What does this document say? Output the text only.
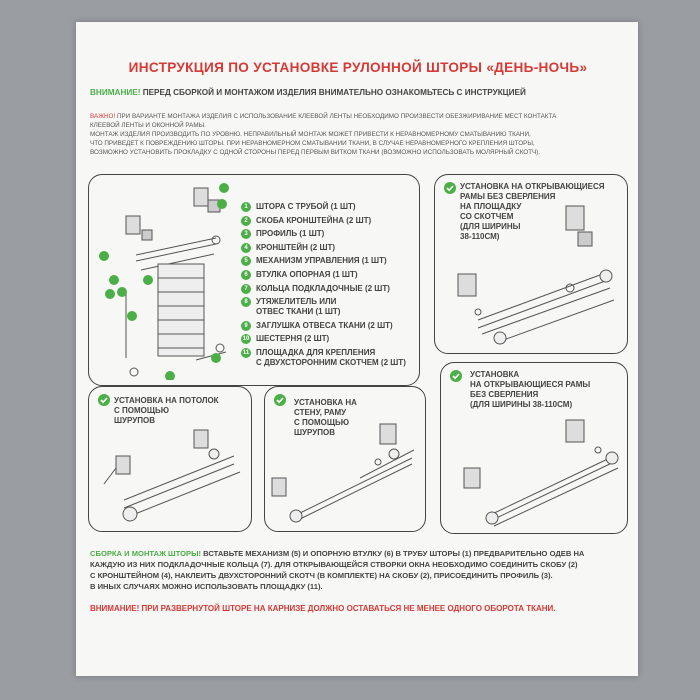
ИНСТРУКЦИЯ ПО УСТАНОВКЕ РУЛОННОЙ ШТОРЫ «ДЕНЬ-НОЧЬ»
ВНИМАНИЕ! ПЕРЕД СБОРКОЙ И МОНТАЖОМ ИЗДЕЛИЯ ВНИМАТЕЛЬНО ОЗНАКОМЬТЕСЬ С ИНСТРУКЦИЕЙ
ВАЖНО! ПРИ ВАРИАНТЕ МОНТАЖА ИЗДЕЛИЯ С ИСПОЛЬЗОВАНИЕ КЛЕЕВОЙ ЛЕНТЫ НЕОБХОДИМО ПРОИЗВЕСТИ ОБЕЗЖИРИВАНИЕ МЕСТ КОНТАКТА
КЛЕЕВОЙ ЛЕНТЫ И ОКОННОЙ РАМЫ.
МОНТАЖ ИЗДЕЛИЯ ПРОИЗВОДИТЬ ПО УРОВНЮ. НЕПРАВИЛЬНЫЙ МОНТАЖ МОЖЕТ ПРИВЕСТИ К НЕРАВНОМЕРНОМУ СМАТЫВАНИЮ ТКАНИ,
ЧТО ПРИВЕДЕТ К ПОВРЕЖДЕНИЮ ШТОРЫ. ПРИ НЕРАВНОМЕРНОМ СМАТЫВАНИИ ТКАНИ, В СЛУЧАЕ НЕРАВНОМЕРНОГО КРЕПЛЕНИЯ ШТОРЫ,
ВОЗМОЖНО УСТАНОВИТЬ ПРОКЛАДКУ С ОДНОЙ СТОРОНЫ ПЕРЕД ПЕРВЫМ ВИТКОМ ТКАНИ (ВОЗМОЖНО ИСПОЛЬЗОВАТЬ МОЛЯРНЫЙ СКОТЧ).
1	ШТОРА С ТРУБОЙ (1 ШТ)
2	СКОБА КРОНШТЕЙНА (2 ШТ)
3	ПРОФИЛЬ (1 ШТ)
4	КРОНШТЕЙН (2 ШТ)
5	МЕХАНИЗМ УПРАВЛЕНИЯ (1 ШТ)
6	ВТУЛКА ОПОРНАЯ (1 ШТ)
7	КОЛЬЦА ПОДКЛАДОЧНЫЕ (2 ШТ)
8	УТЯЖЕЛИТЕЛЬ ИЛИ
ОТВЕС ТКАНИ (1 ШТ)
9	ЗАГЛУШКА ОТВЕСА ТКАНИ (2 ШТ)
10 ШЕСТЕРНЯ (2 ШТ)
11 ПЛОЩАДКА ДЛЯ КРЕПЛЕНИЯ
С ДВУХСТОРОННИМ СКОТЧЕМ (2 ШТ)
УСТАНОВКА НА ОТКРЫВАЮЩИЕСЯ
РАМЫ БЕЗ СВЕРЛЕНИЯ
НА ПЛОЩАДКУ
СО СКОТЧЕМ
(ДЛЯ ШИРИНЫ
38-110СМ)
УСТАНОВКА НА ПОТОЛОК
С ПОМОЩЬЮ
ШУРУПОВ
УСТАНОВКА НА
СТЕНУ, РАМУ
С ПОМОЩЬЮ
ШУРУПОВ
УСТАНОВКА
НА ОТКРЫВАЮЩИЕСЯ РАМЫ
БЕЗ СВЕРЛЕНИЯ
(ДЛЯ ШИРИНЫ 38-110СМ)
СБОРКА И МОНТАЖ ШТОРЫ! ВСТАВЬТЕ МЕХАНИЗМ (5) И ОПОРНУЮ ВТУЛКУ (6) В ТРУБУ ШТОРЫ (1) ПРЕДВАРИТЕЛЬНО ОДЕВ НА
КАЖДУЮ ИЗ НИХ ПОДКЛАДОЧНЫЕ КОЛЬЦА (7). ДЛЯ ОТКРЫВАЮЩЕЙСЯ СТВОРКИ ОКНА НЕОБХОДИМО СОЕДИНИТЬ СКОБУ (2)
С КРОНШТЕЙНОМ (4), НАКЛЕИТЬ ДВУХСТОРОННИЙ СКОТЧ (В КОМПЛЕКТЕ) НА СКОБУ (2), ПРИСОЕДИНИТЬ ПРОФИЛЬ (3).
В ИНЫХ СЛУЧАЯХ МОЖНО ИСПОЛЬЗОВАТЬ ПЛОЩАДКУ (11).
ВНИМАНИЕ! ПРИ РАЗВЕРНУТОЙ ШТОРЕ НА КАРНИЗЕ ДОЛЖНО ОСТАВАТЬСЯ НЕ МЕНЕЕ ОДНОГО ОБОРОТА ТКАНИ.
